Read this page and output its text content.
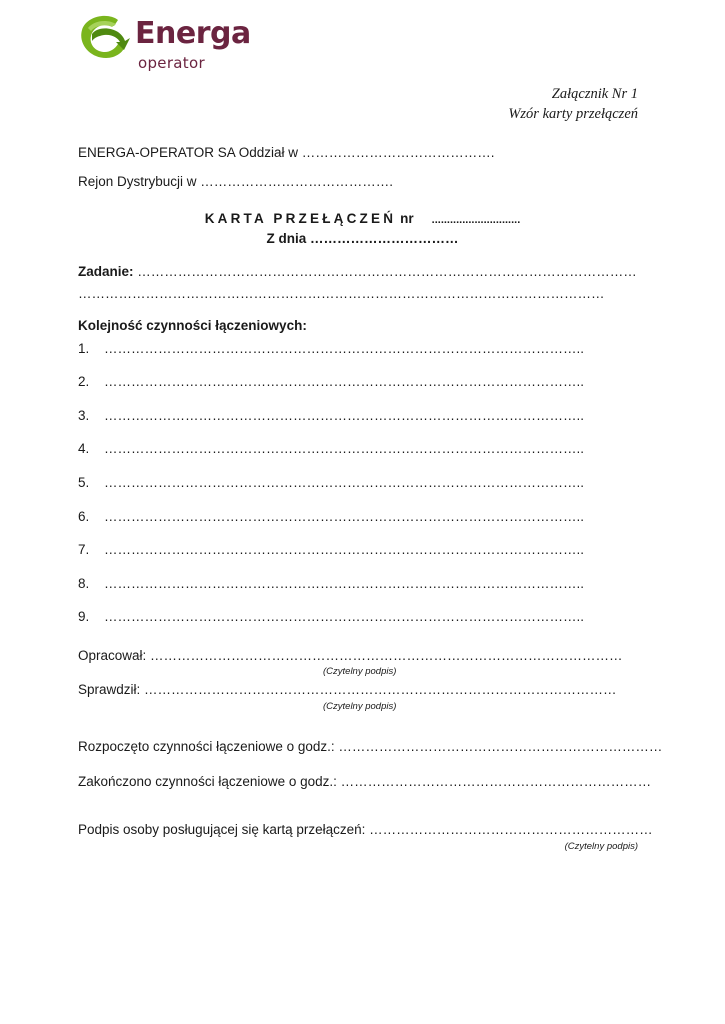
Energa
operator
Załącznik Nr 1
Wzór karty przełączeń
ENERGA-OPERATOR SA Oddział w …………………………………….
Rejon Dystrybucji w …………………………………….
KARTA PRZEŁĄCZEŃ nr .............................
Z dnia ……………………………
Zadanie: …………………………………………………………………………………………………
………………………………………………………………………………………………………
Kolejność czynności łączeniowych:
1. ……………………………………………………………………………………………..
2. ……………………………………………………………………………………………..
3. ……………………………………………………………………………………………..
4. ……………………………………………………………………………………………..
5. ……………………………………………………………………………………………..
6. ……………………………………………………………………………………………..
7. ……………………………………………………………………………………………..
8. ……………………………………………………………………………………………..
9. ……………………………………………………………………………………………..
Opracował: ……………………………………………………………………………………………
(Czytelny podpis)
Sprawdził: ……………………………………………………………………………………………
(Czytelny podpis)
Rozpoczęto czynności łączeniowe o godz.: ………………………………………………………………
Zakończono czynności łączeniowe o godz.: ……………………………………………………………
Podpis osoby posługującej się kartą przełączeń: ………………………………………………………
(Czytelny podpis)
